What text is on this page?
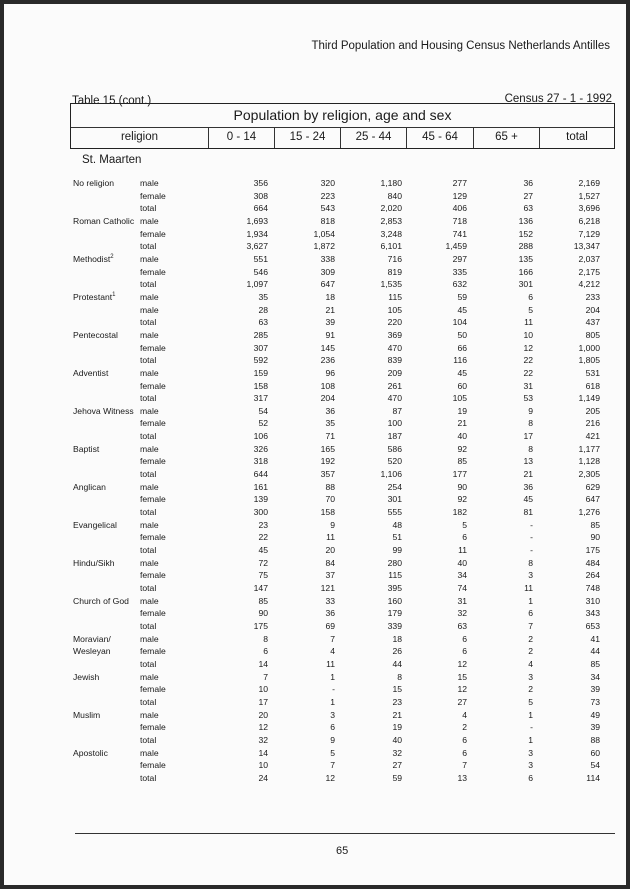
Third Population and Housing Census Netherlands Antilles
Table 15 (cont.)	Census 27 - 1 - 1992
Population by religion, age and sex
religion	0 - 14	15 - 24	25 - 44	45 - 64	65 +	total
St. Maarten
No religion	male	356	320	1,180	277	36	2,169
female	308	223	840	129	27	1,527
total	664	543	2,020	406	63	3,696
Roman Catholic male	1,693	818	2,853	718	136	6,218
female	1,934	1,054	3,248	741	152	7,129
total	3,627	1,872	6,101	1,459	288	13,347
Methodist$^2$	male	551	338	716	297	135	2,037
female	546	309	819	335	166	2,175
total	1,097	647	1,535	632	301	4,212
Protestant$^1$	male	35	18	115	59	6	233
male	28	21	105	45	5	204
total	63	39	220	104	11	437
Pentecostal	male	285	91	369	50	10	805
female	307	145	470	66	12	1,000
total	592	236	839	116	22	1,805
Adventist	male	159	96	209	45	22	531
female	158	108	261	60	31	618
total	317	204	470	105	53	1,149
Jehova Witness male	54	36	87	19	9	205
female	52	35	100	21	8	216
total	106	71	187	40	17	421
Baptist	male	326	165	586	92	8	1,177
female	318	192	520	85	13	1,128
total	644	357	1,106	177	21	2,305
Anglican	male	161	88	254	90	36	629
female	139	70	301	92	45	647
total	300	158	555	182	81	1,276
Evangelical	male	23	9	48	5	-	85
female	22	11	51	6	-	90
total	45	20	99	11	-	175
Hindu/Sikh	male	72	84	280	40	8	484
female	75	37	115	34	3	264
total	147	121	395	74	11	748
Church of God male	85	33	160	31	1	310
female	90	36	179	32	6	343
total	175	69	339	63	7	653
Moravian/	male	8	7	18	6	2	41
Wesleyan	female	6	4	26	6	2	44
total	14	11	44	12	4	85
Jewish	male	7	1	8	15	3	34
female	10	-	15	12	2	39
total	17	1	23	27	5	73
Muslim	male	20	3	21	4	1	49
female	12	6	19	2	-	39
total	32	9	40	6	1	88
Apostolic	male	14	5	32	6	3	60
female	10	7	27	7	3	54
total	24	12	59	13	6	114
65
